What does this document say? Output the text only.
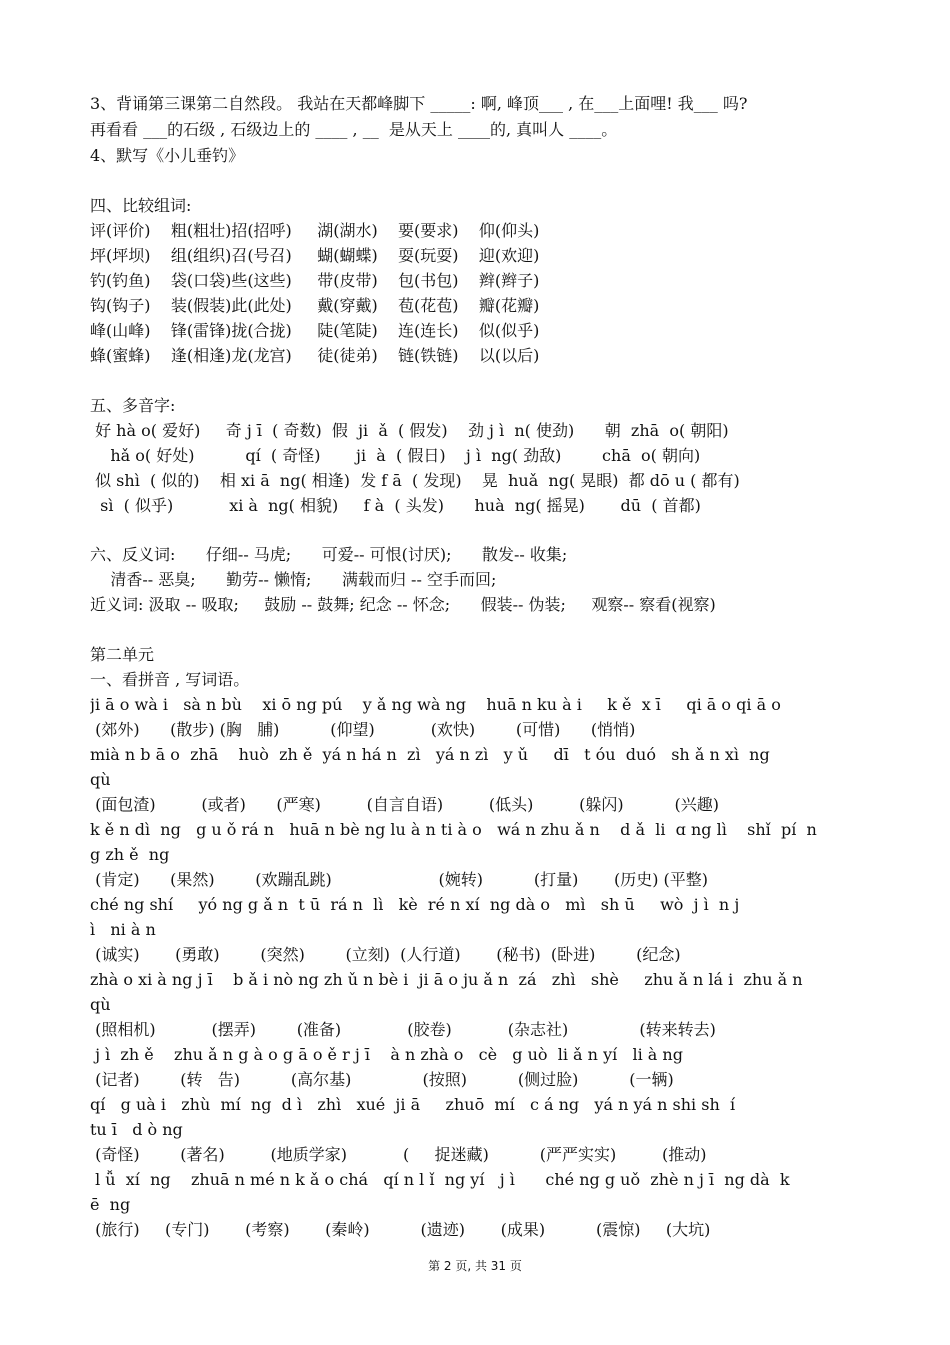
3、背诵第三课第二自然段。 我站在天都峰脚下 _____: 啊, 峰顶___ , 在___上面哩! 我___ 吗?
再看看 ___的石级 , 石级边上的 ____ , __  是从天上 ____的, 真叫人 ____。
4、默写《小儿垂钓》
四、比较组词:
评(评价)    粗(粗壮)招(招呼)     湖(湖水)    要(要求)    仰(仰头)
坪(坪坝)    组(组织)召(号召)     蝴(蝴蝶)    耍(玩耍)    迎(欢迎)
钓(钓鱼)    袋(口袋)些(这些)     带(皮带)    包(书包)    辫(辫子)
钩(钩子)    装(假装)此(此处)     戴(穿戴)    苞(花苞)    瓣(花瓣)
峰(山峰)    锋(雷锋)拢(合拢)     陡(笔陡)    连(连长)    似(似乎)
蜂(蜜蜂)    逢(相逢)龙(龙宫)     徒(徒弟)    链(铁链)    以(以后)
五、多音字:
好 hà o( 爱好)     奇 j ī  ( 奇数)  假  ji  ǎ  ( 假发)    劲 j ì  n( 使劲)      朝  zhā  o( 朝阳)
hǎ o( 好处)          qí  ( 奇怪)       ji  à  ( 假日)    j ì  ng( 劲敌)        chā  o( 朝向)
似 shì  ( 似的)    相 xi ā  ng( 相逢)  发 f ā  ( 发现)    晃  huǎ  ng( 晃眼)  都 dō u ( 都有)
sì  ( 似乎)           xi à  ng( 相貌)     f à  ( 头发)      huà  ng( 摇晃)       dū  ( 首都)
六、反义词:      仔细-- 马虎;      可爱-- 可恨(讨厌);      散发-- 收集;
清香-- 恶臭;      勤劳-- 懒惰;      满载而归 -- 空手而回;
近义词: 汲取 -- 吸取;     鼓励 -- 鼓舞; 纪念 -- 怀念;      假装-- 伪装;     观察-- 察看(视察)
第二单元
一、看拼音 , 写词语。
ji ā o wà i   sà n bù    xi ō ng pú    y ǎ ng wà ng    huā n ku à i     k ě  x ī     qi ā o qi ā o
(郊外)      (散步) (胸   脯)          (仰望)           (欢快)        (可惜)      (悄悄)
mià n b ā o  zhā    huò  zh ě  yá n há n  zì   yá n zì   y ǔ     dī   t óu  duó   sh ǎ n xì  ng
qù
(面包渣)         (或者)      (严寒)         (自言自语)         (低头)         (躲闪)          (兴趣)
k ě n dì  ng   g u ǒ rá n   huā n bè ng lu à n ti à o   wá n zhu ǎ n    d ǎ  li  ɑ ng lì    shǐ  pí  n
g zh ě  ng
(肯定)      (果然)        (欢蹦乱跳)                     (婉转)          (打量)       (历史) (平整)
ché ng shí     yó ng g ǎ n  t ū  rá n  lì   kè  ré n xí  ng dà o   mì   sh ū     wò  j ì  n j
ì   ni à n
(诚实)       (勇敢)        (突然)        (立刻)  (人行道)       (秘书)  (卧进)        (纪念)
zhà o xi à ng j ī    b ǎ i nò ng zh ǔ n bè i  ji ā o ju ǎ n  zá   zhì   shè     zhu ǎ n lá i  zhu ǎ n
qù
(照相机)           (摆弄)        (准备)             (胶卷)           (杂志社)              (转来转去)
j ì  zh ě    zhu ǎ n g à o g ā o ě r j ī    à n zhà o   cè   g uò  li ǎ n yí   li à ng
(记者)        (转   告)          (高尔基)              (按照)          (侧过脸)          (一辆)
qí   g uà i   zhù  mí  ng  d ì   zhì   xué  ji ā     zhuō  mí   c á ng   yá n yá n shi sh  í
tu ī   d ò ng
(奇怪)        (著名)         (地质学家)           (     捉迷藏)          (严严实实)         (推动)
l ǚ  xí  ng    zhuā n mé n k ǎ o chá   qí n l ǐ  ng yí   j ì      ché ng g uǒ  zhè n j ī  ng dà  k
ē  ng
(旅行)     (专门)       (考察)       (秦岭)          (遗迹)       (成果)          (震惊)     (大坑)
第 2 页, 共 31 页
